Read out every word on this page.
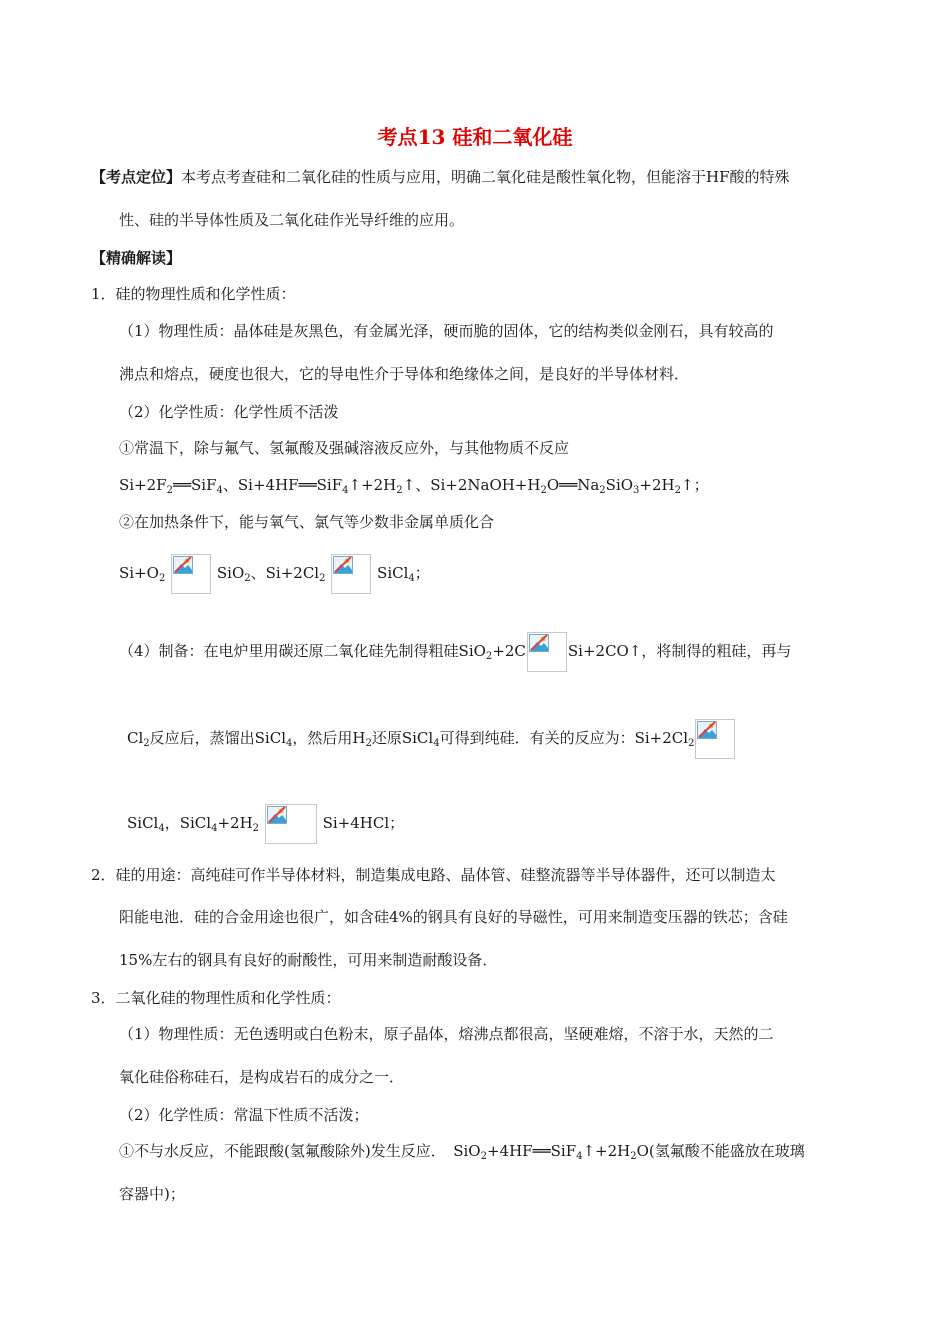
考点13 硅和二氧化硅
【考点定位】本考点考查硅和二氧化硅的性质与应用，明确二氧化硅是酸性氧化物，但能溶于HF酸的特殊
性、硅的半导体性质及二氧化硅作光导纤维的应用。
【精确解读】
1．硅的物理性质和化学性质：
（1）物理性质：晶体硅是灰黑色，有金属光泽，硬而脆的固体，它的结构类似金刚石，具有较高的
沸点和熔点，硬度也很大，它的导电性介于导体和绝缘体之间，是良好的半导体材料．
（2）化学性质：化学性质不活泼
①常温下，除与氟气、氢氟酸及强碱溶液反应外，与其他物质不反应
$Si+2F_2══SiF_4$、$Si+4HF══SiF_4↑+2H_2↑$、$Si+2NaOH+H_2O══Na_2SiO_3+2H_2↑$；
②在加热条件下，能与氧气、氯气等少数非金属单质化合
$Si+O_2$	SiO$_2$、$Si+2Cl_2$	SiCl$_4$；
（4）制备：在电炉里用碳还原二氧化硅先制得粗硅SiO$_2$+2C	Si+2CO↑，将制得的粗硅，再与
$Cl_2$反应后，蒸馏出SiCl$_4$，然后用$H_2$还原SiCl$_4$可得到纯硅．有关的反应为：$Si+2Cl_2$
SiCl$_4$，$SiCl_4+2H_2$	Si+4HCl；
2．硅的用途：高纯硅可作半导体材料，制造集成电路、晶体管、硅整流器等半导体器件，还可以制造太
阳能电池．硅的合金用途也很广，如含硅4%的钢具有良好的导磁性，可用来制造变压器的铁芯；含硅
15%左右的钢具有良好的耐酸性，可用来制造耐酸设备．
3．二氧化硅的物理性质和化学性质：
（1）物理性质：无色透明或白色粉末，原子晶体，熔沸点都很高，坚硬难熔，不溶于水，天然的二
氧化硅俗称硅石，是构成岩石的成分之一．
（2）化学性质：常温下性质不活泼；
①不与水反应，不能跟酸(氢氟酸除外)发生反应．　$SiO_2+4HF══SiF_4↑+2H_2O$(氢氟酸不能盛放在玻璃
容器中)；
